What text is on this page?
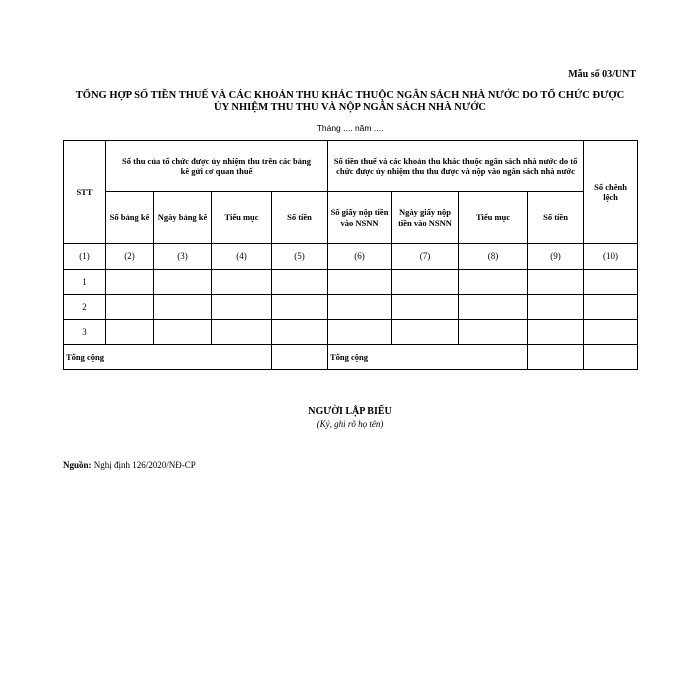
Mẫu số 03/UNT
TỔNG HỢP SỐ TIỀN THUẾ VÀ CÁC KHOẢN THU KHÁC THUỘC NGÂN SÁCH NHÀ NƯỚC DO TỔ CHỨC ĐƯỢC
ỦY NHIỆM THU THU VÀ NỘP NGÂN SÁCH NHÀ NƯỚC
Tháng .... năm ....
STT	Số thu của tổ chức được ủy nhiệm thu trên các bảng kê gửi cơ quan thuế				Số tiền thuế và các khoản thu khác thuộc ngân sách nhà nước do tổ chức được ủy nhiệm thu thu được và nộp vào ngân sách nhà nước				Số chênh lệch
	Số bảng kê	Ngày bảng kê	Tiểu mục	Số tiền	Số giấy nộp tiền vào NSNN	Ngày giấy nộp tiền vào NSNN	Tiểu mục	Số tiền	
(1)	(2)	(3)	(4)	(5)	(6)	(7)	(8)	(9)	(10)
1									
2									
3									
Tổng cộng					Tổng cộng				
NGƯỜI LẬP BIỂU
(Ký, ghi rõ họ tên)
Nguồn: Nghị định 126/2020/NĐ-CP
